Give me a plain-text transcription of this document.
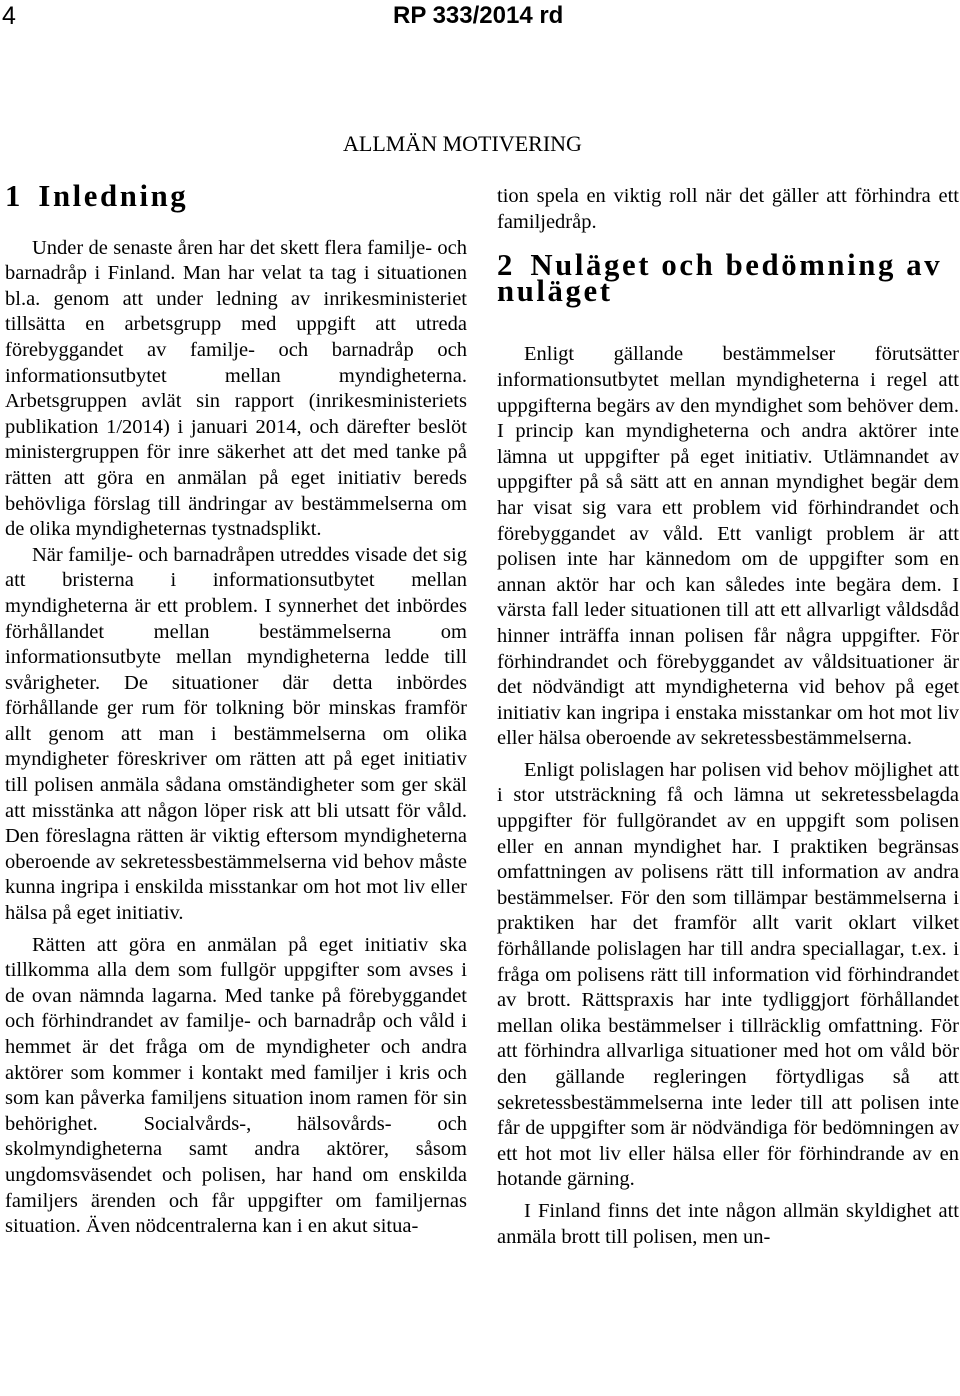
4	RP 333/2014 rd
ALLMÄN MOTIVERING
1 Inledning

Under de senaste åren har det skett flera familje- och barnadråp i Finland. Man har velat ta tag i situationen bl.a. genom att under ledning av inrikesministeriet tillsätta en arbetsgrupp med uppgift att utreda förebyggandet av familje- och barnadråp och informationsutbytet mellan myndigheterna. Arbetsgruppen avlät sin rapport (inrikesministeriets publikation 1/2014) i januari 2014, och därefter beslöt ministergruppen för inre säkerhet att det med tanke på rätten att göra en anmälan på eget initiativ bereds behövliga förslag till ändringar av bestämmelserna om de olika myndigheternas tystnadsplikt.

När familje- och barnadråpen utreddes visade det sig att bristerna i informationsutbytet mellan myndigheterna är ett problem. I synnerhet det inbördes förhållandet mellan bestämmelserna om informationsutbyte mellan myndigheterna ledde till svårigheter. De situationer där detta inbördes förhållande ger rum för tolkning bör minskas framför allt genom att man i bestämmelserna om olika myndigheter föreskriver om rätten att på eget initiativ till polisen anmäla sådana omständigheter som ger skäl att misstänka att någon löper risk att bli utsatt för våld. Den föreslagna rätten är viktig eftersom myndigheterna oberoende av sekretessbestämmelserna vid behov måste kunna ingripa i enskilda misstankar om hot mot liv eller hälsa på eget initiativ.

Rätten att göra en anmälan på eget initiativ ska tillkomma alla dem som fullgör uppgifter som avses i de ovan nämnda lagarna. Med tanke på förebyggandet och förhindrandet av familje- och barnadråp och våld i hemmet är det fråga om de myndigheter och andra aktörer som kommer i kontakt med familjer i kris och som kan påverka familjens situation inom ramen för sin behörighet. Socialvårds-, hälsovårds- och skolmyndigheterna samt andra aktörer, såsom ungdomsväsendet och polisen, har hand om enskilda familjers ärenden och får uppgifter om familjernas situation. Även nödcentralerna kan i en akut situa-

tion spela en viktig roll när det gäller att förhindra ett familjedråp.

2 Nuläget och bedömning av nuläget

Enligt gällande bestämmelser förutsätter informationsutbytet mellan myndigheterna i regel att uppgifterna begärs av den myndighet som behöver dem. I princip kan myndigheterna och andra aktörer inte lämna ut uppgifter på eget initiativ. Utlämnandet av uppgifter på så sätt att en annan myndighet begär dem har visat sig vara ett problem vid förhindrandet och förebyggandet av våld. Ett vanligt problem är att polisen inte har kännedom om de uppgifter som en annan aktör har och kan således inte begära dem. I värsta fall leder situationen till att ett allvarligt våldsdåd hinner inträffa innan polisen får några uppgifter. För förhindrandet och förebyggandet av våldsituationer är det nödvändigt att myndigheterna vid behov på eget initiativ kan ingripa i enstaka misstankar om hot mot liv eller hälsa oberoende av sekretessbestämmelserna.

Enligt polislagen har polisen vid behov möjlighet att i stor utsträckning få och lämna ut sekretessbelagda uppgifter för fullgörandet av en uppgift som polisen eller en annan myndighet har. I praktiken begränsas omfattningen av polisens rätt till information av andra bestämmelser. För den som tillämpar bestämmelserna i praktiken har det framför allt varit oklart vilket förhållande polislagen har till andra speciallagar, t.ex. i fråga om polisens rätt till information vid förhindrandet av brott. Rättspraxis har inte tydliggjort förhållandet mellan olika bestämmelser i tillräcklig omfattning. För att förhindra allvarliga situationer med hot om våld bör den gällande regleringen förtydligas så att sekretessbestämmelserna inte leder till att polisen inte får de uppgifter som är nödvändiga för bedömningen av ett hot mot liv eller hälsa eller för förhindrande av en hotande gärning.

I Finland finns det inte någon allmän skyldighet att anmäla brott till polisen, men un-
